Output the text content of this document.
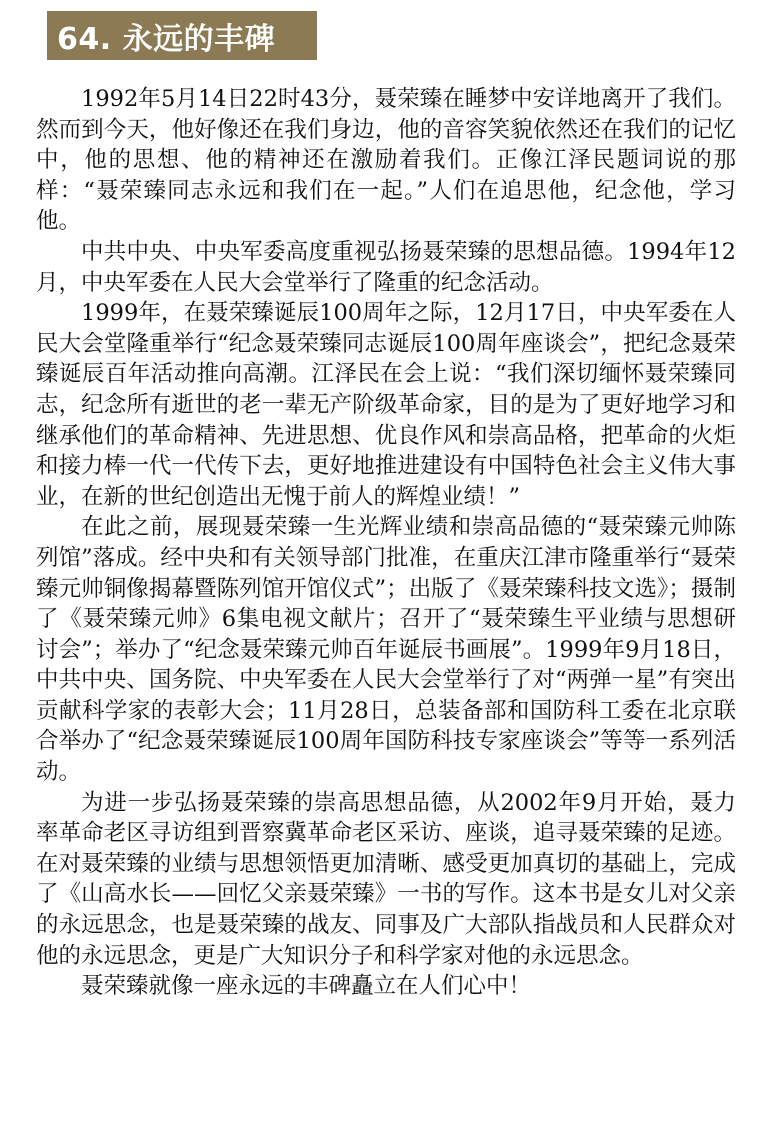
64. 永远的丰碑

1992年5月14日22时43分，聂荣臻在睡梦中安详地离开了我们。然而到今天，他好像还在我们身边，他的音容笑貌依然还在我们的记忆中，他的思想、他的精神还在激励着我们。正像江泽民题词说的那样：“聂荣臻同志永远和我们在一起。”人们在追思他，纪念他，学习他。

中共中央、中央军委高度重视弘扬聂荣臻的思想品德。1994年12月，中央军委在人民大会堂举行了隆重的纪念活动。

1999年，在聂荣臻诞辰100周年之际，12月17日，中央军委在人民大会堂隆重举行“纪念聂荣臻同志诞辰100周年座谈会”，把纪念聂荣臻诞辰百年活动推向高潮。江泽民在会上说：“我们深切缅怀聂荣臻同志，纪念所有逝世的老一辈无产阶级革命家，目的是为了更好地学习和继承他们的革命精神、先进思想、优良作风和崇高品格，把革命的火炬和接力棒一代一代传下去，更好地推进建设有中国特色社会主义伟大事业，在新的世纪创造出无愧于前人的辉煌业绩！”

在此之前，展现聂荣臻一生光辉业绩和崇高品德的“聂荣臻元帅陈列馆”落成。经中央和有关领导部门批准，在重庆江津市隆重举行“聂荣臻元帅铜像揭幕暨陈列馆开馆仪式”；出版了《聂荣臻科技文选》；摄制了《聂荣臻元帅》6集电视文献片；召开了“聂荣臻生平业绩与思想研讨会”；举办了“纪念聂荣臻元帅百年诞辰书画展”。1999年9月18日，中共中央、国务院、中央军委在人民大会堂举行了对“两弹一星”有突出贡献科学家的表彰大会；11月28日，总装备部和国防科工委在北京联合举办了“纪念聂荣臻诞辰100周年国防科技专家座谈会”等等一系列活动。

为进一步弘扬聂荣臻的崇高思想品德，从2002年9月开始，聂力率革命老区寻访组到晋察冀革命老区采访、座谈，追寻聂荣臻的足迹。在对聂荣臻的业绩与思想领悟更加清晰、感受更加真切的基础上，完成了《山高水长——回忆父亲聂荣臻》一书的写作。这本书是女儿对父亲的永远思念，也是聂荣臻的战友、同事及广大部队指战员和人民群众对他的永远思念，更是广大知识分子和科学家对他的永远思念。

聂荣臻就像一座永远的丰碑矗立在人们心中！
